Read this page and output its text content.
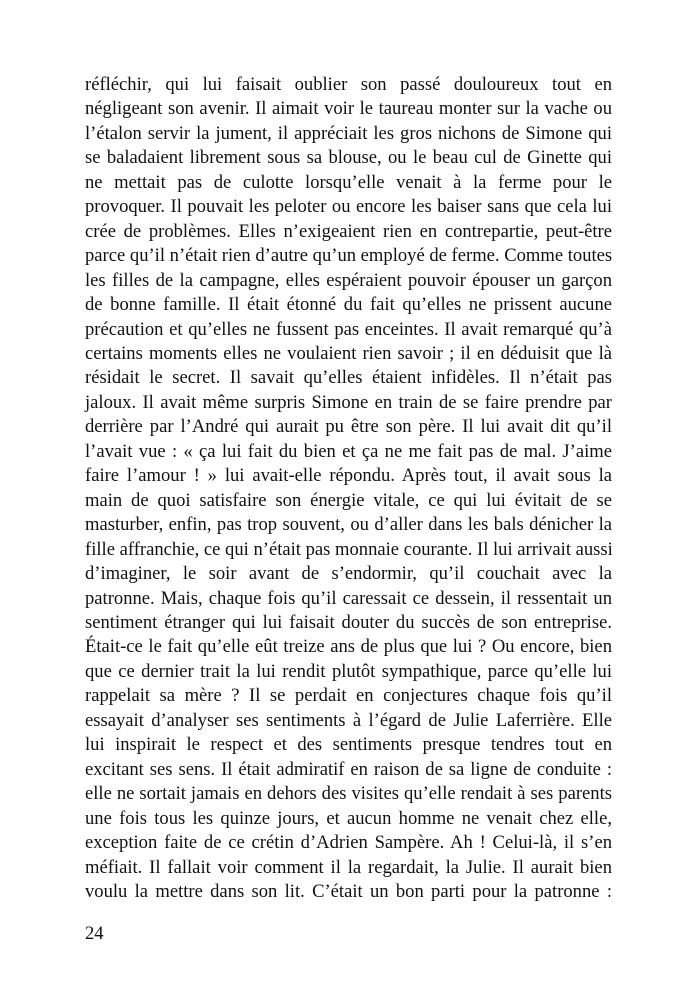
réfléchir, qui lui faisait oublier son passé douloureux tout en
négligeant son avenir. Il aimait voir le taureau monter sur la vache ou
l’étalon servir la jument, il appréciait les gros nichons de Simone qui
se baladaient librement sous sa blouse, ou le beau cul de Ginette qui
ne mettait pas de culotte lorsqu’elle venait à la ferme pour le
provoquer. Il pouvait les peloter ou encore les baiser sans que cela lui
crée de problèmes. Elles n’exigeaient rien en contrepartie, peut-être
parce qu’il n’était rien d’autre qu’un employé de ferme. Comme toutes
les filles de la campagne, elles espéraient pouvoir épouser un garçon
de bonne famille. Il était étonné du fait qu’elles ne prissent aucune
précaution et qu’elles ne fussent pas enceintes. Il avait remarqué qu’à
certains moments elles ne voulaient rien savoir ; il en déduisit que là
résidait le secret. Il savait qu’elles étaient infidèles. Il n’était pas
jaloux. Il avait même surpris Simone en train de se faire prendre par
derrière par l’André qui aurait pu être son père. Il lui avait dit qu’il
l’avait vue : « ça lui fait du bien et ça ne me fait pas de mal. J’aime
faire l’amour ! » lui avait-elle répondu. Après tout, il avait sous la
main de quoi satisfaire son énergie vitale, ce qui lui évitait de se
masturber, enfin, pas trop souvent, ou d’aller dans les bals dénicher la
fille affranchie, ce qui n’était pas monnaie courante. Il lui arrivait aussi
d’imaginer, le soir avant de s’endormir, qu’il couchait avec la
patronne. Mais, chaque fois qu’il caressait ce dessein, il ressentait un
sentiment étranger qui lui faisait douter du succès de son entreprise.
Était-ce le fait qu’elle eût treize ans de plus que lui ? Ou encore, bien
que ce dernier trait la lui rendit plutôt sympathique, parce qu’elle lui
rappelait sa mère ? Il se perdait en conjectures chaque fois qu’il
essayait d’analyser ses sentiments à l’égard de Julie Laferrière. Elle
lui inspirait le respect et des sentiments presque tendres tout en
excitant ses sens. Il était admiratif en raison de sa ligne de conduite :
elle ne sortait jamais en dehors des visites qu’elle rendait à ses parents
une fois tous les quinze jours, et aucun homme ne venait chez elle,
exception faite de ce crétin d’Adrien Sampère. Ah ! Celui-là, il s’en
méfiait. Il fallait voir comment il la regardait, la Julie. Il aurait bien
voulu la mettre dans son lit. C’était un bon parti pour la patronne :
24
